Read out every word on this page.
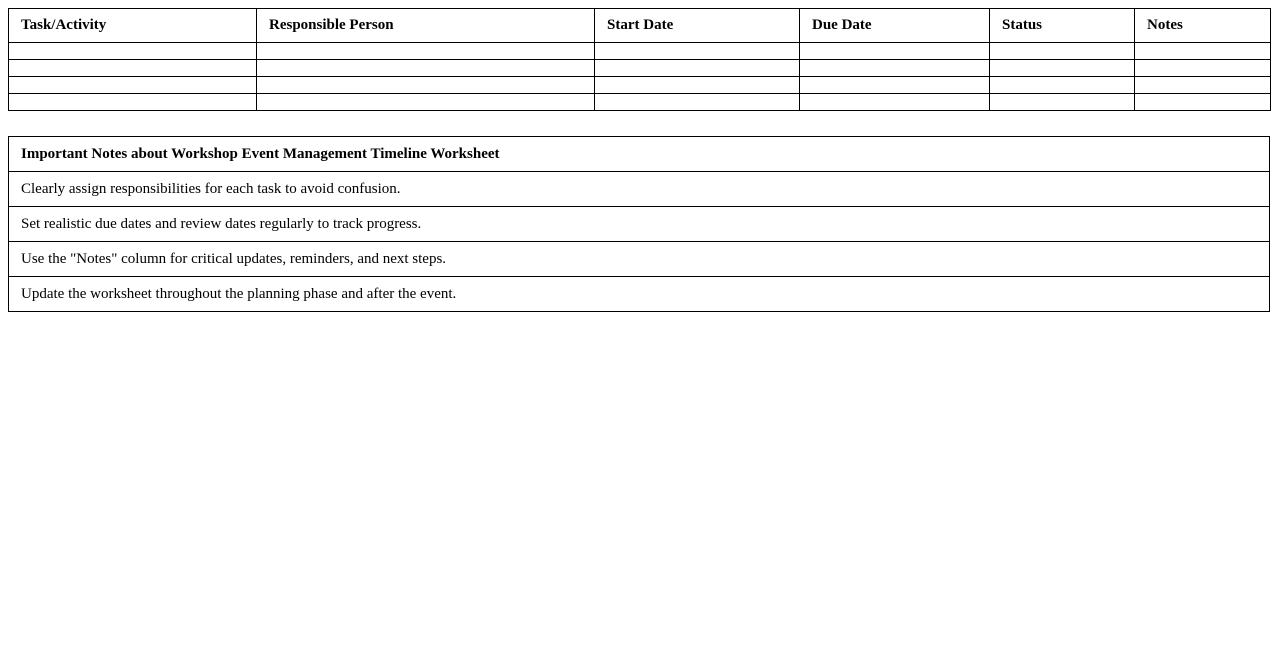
Task/Activity	Responsible Person	Start Date	Due Date	Status	Notes

Important Notes about Workshop Event Management Timeline Worksheet
Clearly assign responsibilities for each task to avoid confusion.
Set realistic due dates and review dates regularly to track progress.
Use the "Notes" column for critical updates, reminders, and next steps.
Update the worksheet throughout the planning phase and after the event.
